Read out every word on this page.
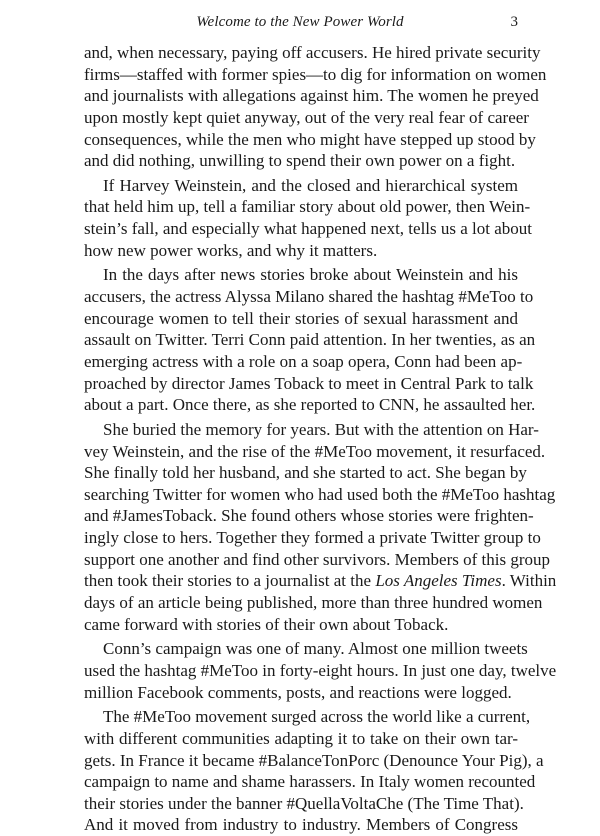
Welcome to the New Power World	3
and, when necessary, paying off accusers. He hired private security
firms—staffed with former spies—to dig for information on women
and journalists with allegations against him. The women he preyed
upon mostly kept quiet anyway, out of the very real fear of career
consequences, while the men who might have stepped up stood by
and did nothing, unwilling to spend their own power on a fight.
If Harvey Weinstein, and the closed and hierarchical system
that held him up, tell a familiar story about old power, then Wein-
stein’s fall, and especially what happened next, tells us a lot about
how new power works, and why it matters.
In the days after news stories broke about Weinstein and his
accusers, the actress Alyssa Milano shared the hashtag #MeToo to
encourage women to tell their stories of sexual harassment and
assault on Twitter. Terri Conn paid attention. In her twenties, as an
emerging actress with a role on a soap opera, Conn had been ap-
proached by director James Toback to meet in Central Park to talk
about a part. Once there, as she reported to CNN, he assaulted her.
She buried the memory for years. But with the attention on Har-
vey Weinstein, and the rise of the #MeToo movement, it resurfaced.
She finally told her husband, and she started to act. She began by
searching Twitter for women who had used both the #MeToo hashtag
and #JamesToback. She found others whose stories were frighten-
ingly close to hers. Together they formed a private Twitter group to
support one another and find other survivors. Members of this group
then took their stories to a journalist at the Los Angeles Times. Within
days of an article being published, more than three hundred women
came forward with stories of their own about Toback.
Conn’s campaign was one of many. Almost one million tweets
used the hashtag #MeToo in forty-eight hours. In just one day, twelve
million Facebook comments, posts, and reactions were logged.
The #MeToo movement surged across the world like a current,
with different communities adapting it to take on their own tar-
gets. In France it became #BalanceTonPorc (Denounce Your Pig), a
campaign to name and shame harassers. In Italy women recounted
their stories under the banner #QuellaVoltaChe (The Time That).
And it moved from industry to industry. Members of Congress
